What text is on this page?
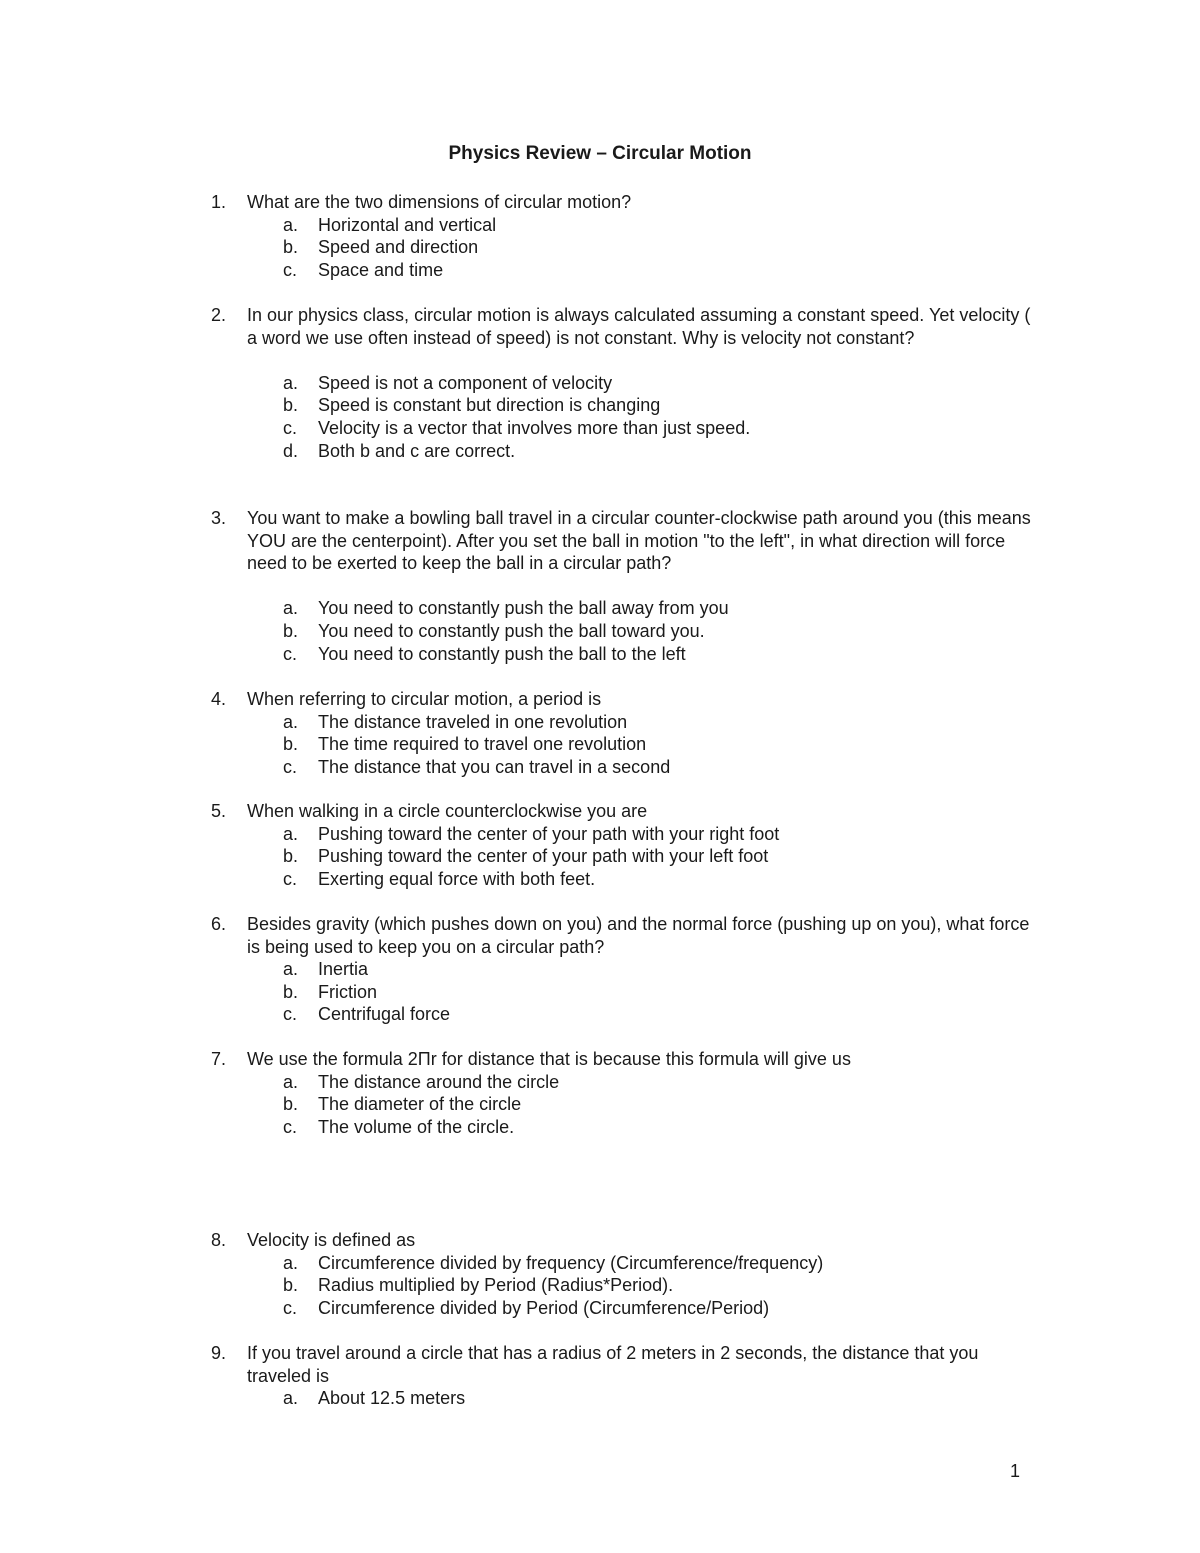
Physics Review – Circular Motion
1. What are the two dimensions of circular motion?
a. Horizontal and vertical
b. Speed and direction
c. Space and time
2. In our physics class, circular motion is always calculated assuming a constant speed. Yet velocity ( a word we use often instead of speed) is not constant. Why is velocity not constant?
a. Speed is not a component of velocity
b. Speed is constant but direction is changing
c. Velocity is a vector that involves more than just speed.
d. Both b and c are correct.
3. You want to make a bowling ball travel in a circular counter-clockwise path around you (this means YOU are the centerpoint). After you set the ball in motion "to the left", in what direction will force need to be exerted to keep the ball in a circular path?
a. You need to constantly push the ball away from you
b. You need to constantly push the ball toward you.
c. You need to constantly push the ball to the left
4. When referring to circular motion, a period is
a. The distance traveled in one revolution
b. The time required to travel one revolution
c. The distance that you can travel in a second
5. When walking in a circle counterclockwise you are
a. Pushing toward the center of your path with your right foot
b. Pushing toward the center of your path with your left foot
c. Exerting equal force with both feet.
6. Besides gravity (which pushes down on you) and the normal force (pushing up on you), what force is being used to keep you on a circular path?
a. Inertia
b. Friction
c. Centrifugal force
7. We use the formula 2Πr for distance that is because this formula will give us
a. The distance around the circle
b. The diameter of the circle
c. The volume of the circle.
8. Velocity is defined as
a. Circumference divided by frequency (Circumference/frequency)
b. Radius multiplied by Period (Radius*Period).
c. Circumference divided by Period (Circumference/Period)
9. If you travel around a circle that has a radius of 2 meters in 2 seconds, the distance that you traveled is
a. About 12.5 meters
1
